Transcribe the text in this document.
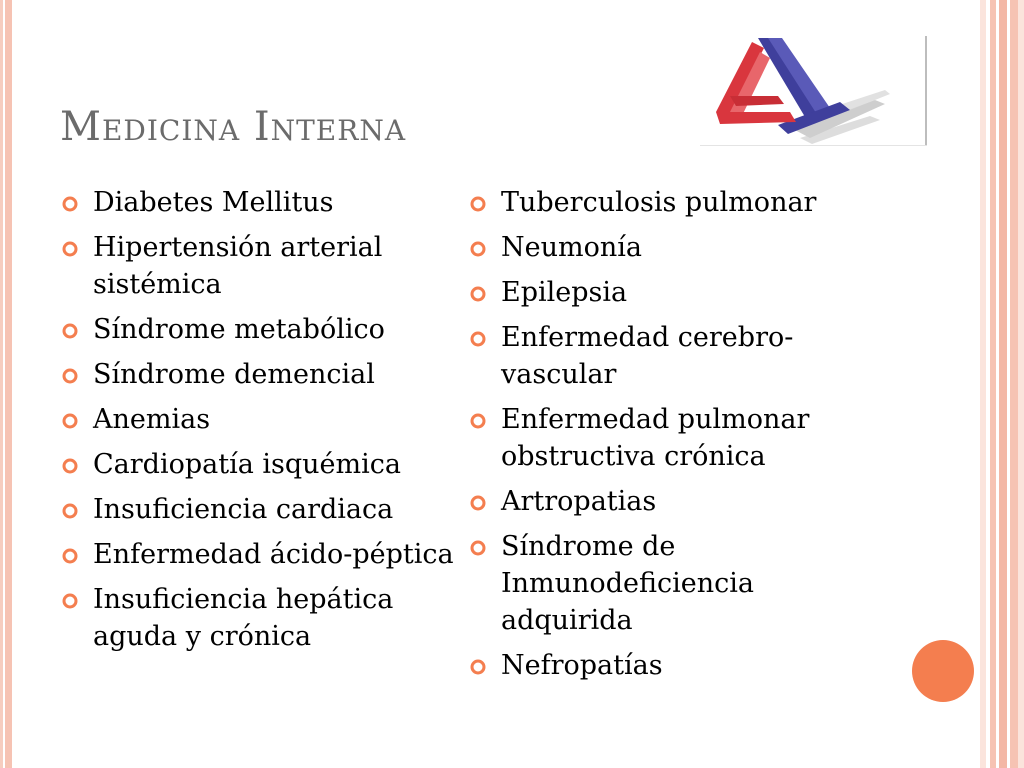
Medicina Interna
Diabetes Mellitus
Hipertensión arterial sistémica
Síndrome metabólico
Síndrome demencial
Anemias
Cardiopatía isquémica
Insuficiencia cardiaca
Enfermedad ácido-péptica
Insuficiencia hepática aguda y crónica
Tuberculosis pulmonar
Neumonía
Epilepsia
Enfermedad cerebro-vascular
Enfermedad pulmonar obstructiva crónica
Artropatias
Síndrome de Inmunodeficiencia adquirida
Nefropatías
